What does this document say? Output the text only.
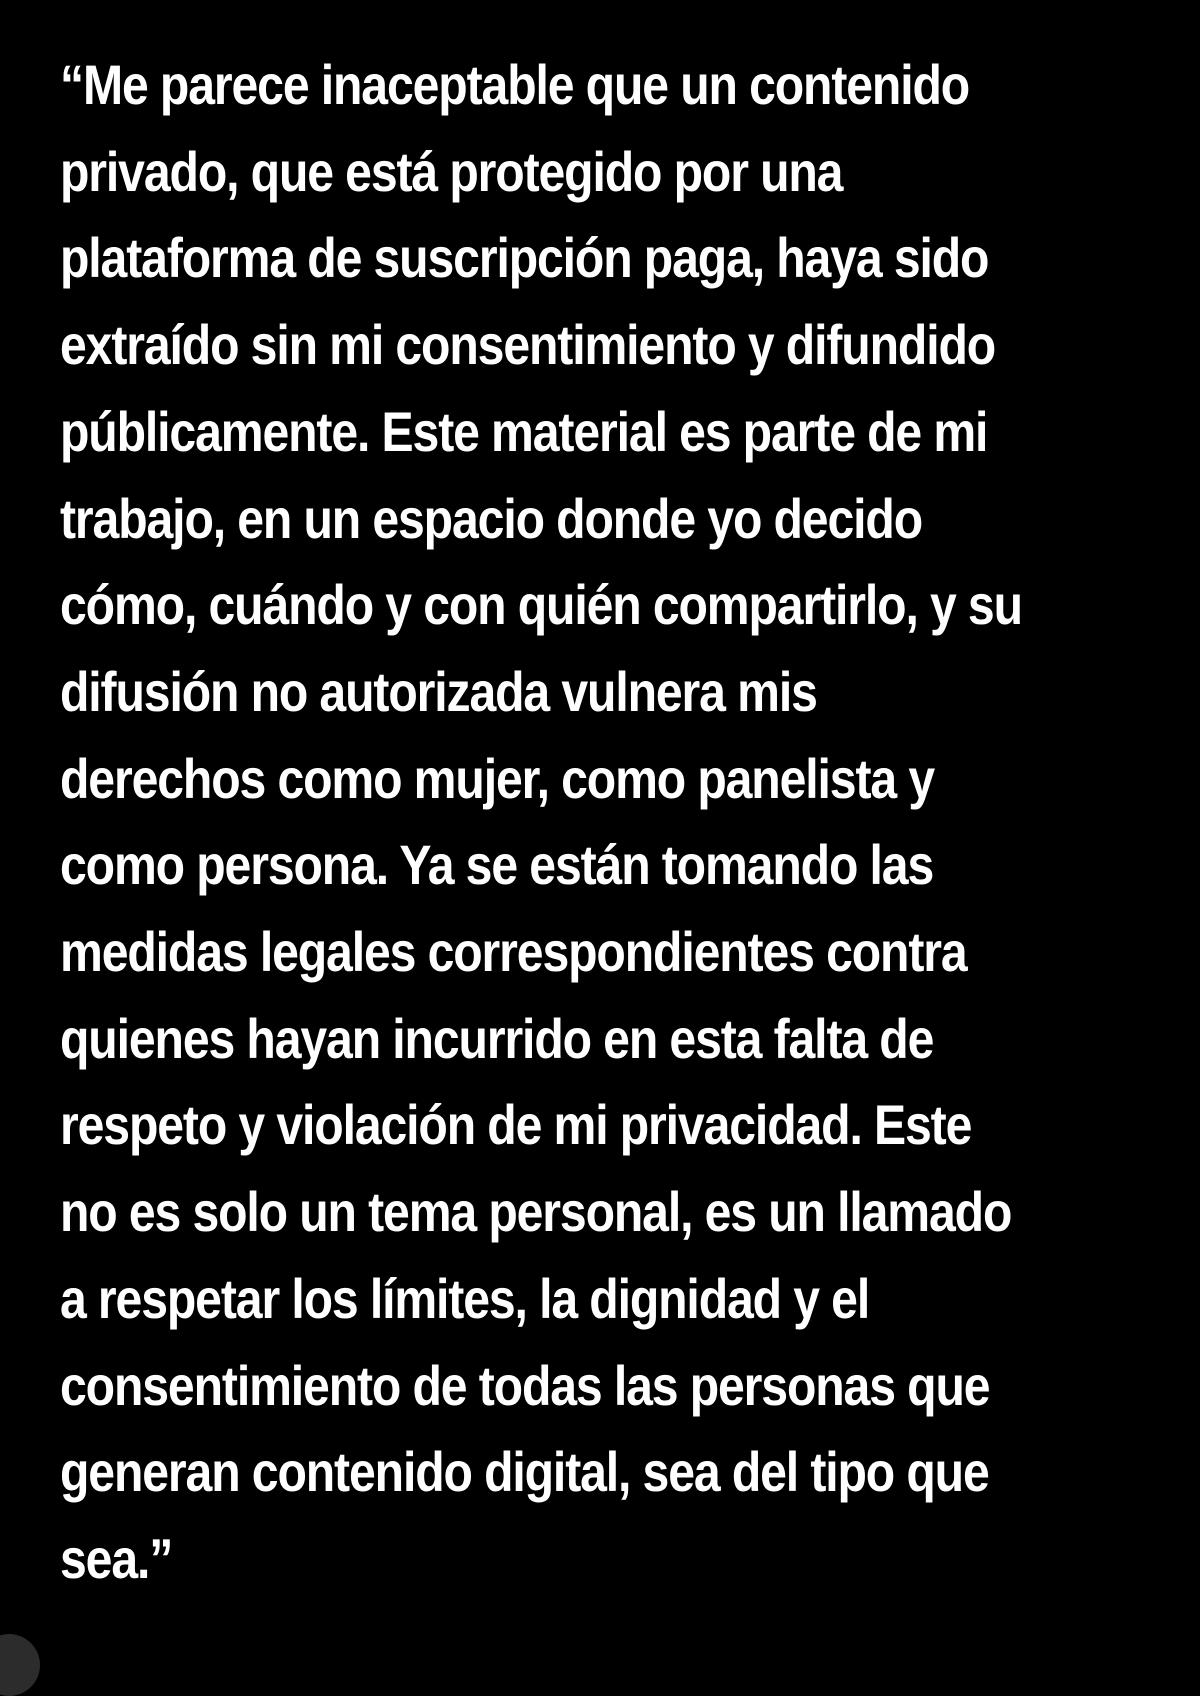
“Me parece inaceptable que un contenido
privado, que está protegido por una
plataforma de suscripción paga, haya sido
extraído sin mi consentimiento y difundido
públicamente. Este material es parte de mi
trabajo, en un espacio donde yo decido
cómo, cuándo y con quién compartirlo, y su
difusión no autorizada vulnera mis
derechos como mujer, como panelista y
como persona. Ya se están tomando las
medidas legales correspondientes contra
quienes hayan incurrido en esta falta de
respeto y violación de mi privacidad. Este
no es solo un tema personal, es un llamado
a respetar los límites, la dignidad y el
consentimiento de todas las personas que
generan contenido digital, sea del tipo que
sea.”
